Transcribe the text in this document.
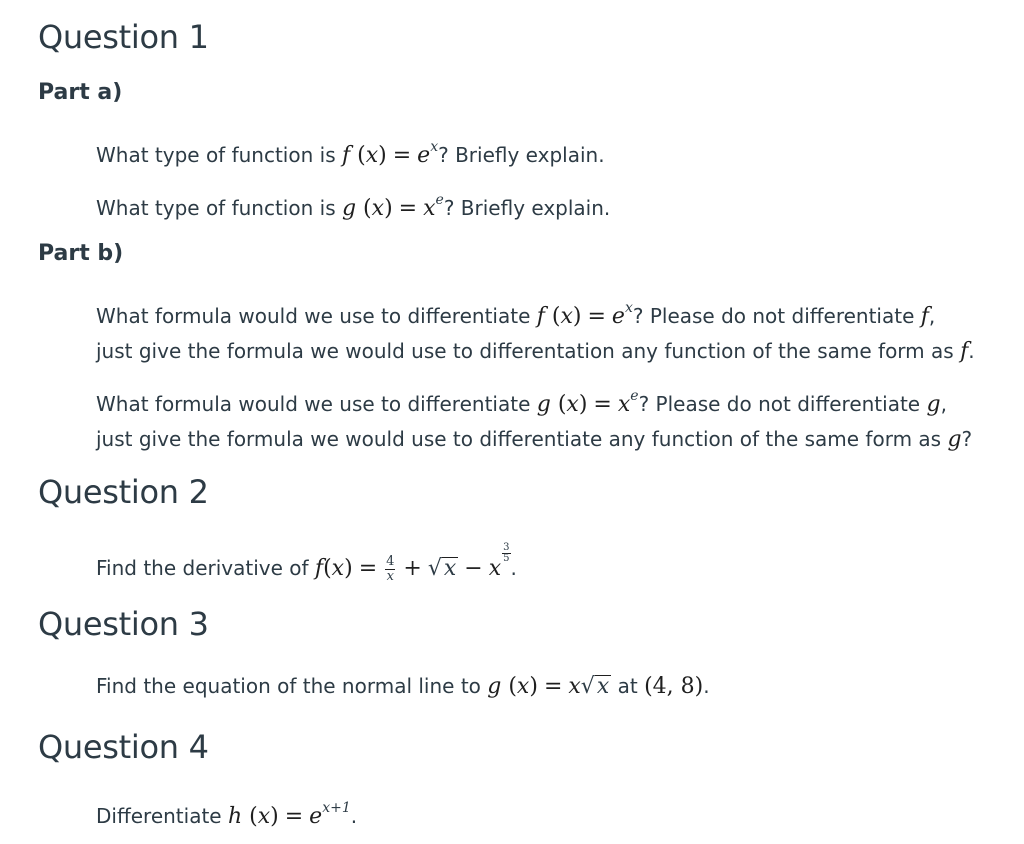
Question 1
Part a)

What type of function is f $(x) = e^x$? Briefly explain.

What type of function is g $(x) = x^e$? Briefly explain.

Part b)

What formula would we use to differentiate f $(x) = e^x$? Please do not differentiate f,
just give the formula we would use to differentation any function of the same form as f.

What formula would we use to differentiate g $(x) = x^e$? Please do not differentiate g,
just give the formula we would use to differentiate any function of the same form as g?

Question 2

Find the derivative of $f(x) = \frac{4}{x} + √x - x$
$\frac{3}{5}$
.

Question 3

Find the equation of the normal line to g (x) = x√x at (4, 8).

Question 4

Differentiate h $(x) = e^{x+1}$.
